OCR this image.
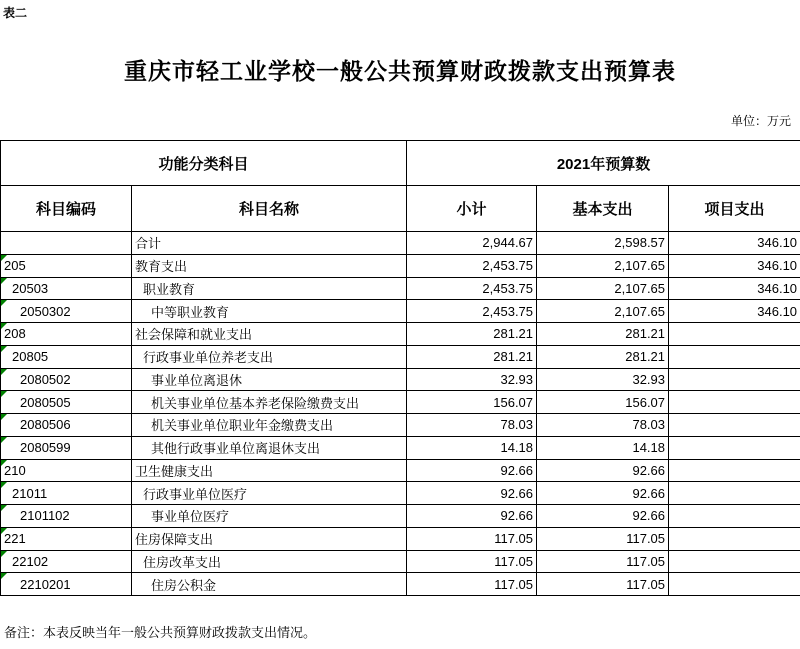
表二
重庆市轻工业学校一般公共预算财政拨款支出预算表
单位：万元
功能分类科目		2021年预算数		
科目编码	科目名称	小计	基本支出	项目支出
	合计	2,944.67	2,598.57	346.10

205	教育支出	2,453.75	2,107.65	346.10

20503	职业教育	2,453.75	2,107.65	346.10

2050302	中等职业教育	2,453.75	2,107.65	346.10

208	社会保障和就业支出	281.21	281.21	

20805	行政事业单位养老支出	281.21	281.21	

2080502	事业单位离退休	32.93	32.93	

2080505	机关事业单位基本养老保险缴费支出	156.07	156.07	

2080506	机关事业单位职业年金缴费支出	78.03	78.03	

2080599	其他行政事业单位离退休支出	14.18	14.18	

210	卫生健康支出	92.66	92.66	

21011	行政事业单位医疗	92.66	92.66	

2101102	事业单位医疗	92.66	92.66	

221	住房保障支出	117.05	117.05	

22102	住房改革支出	117.05	117.05	

2210201	住房公积金	117.05	117.05	
备注：本表反映当年一般公共预算财政拨款支出情况。
